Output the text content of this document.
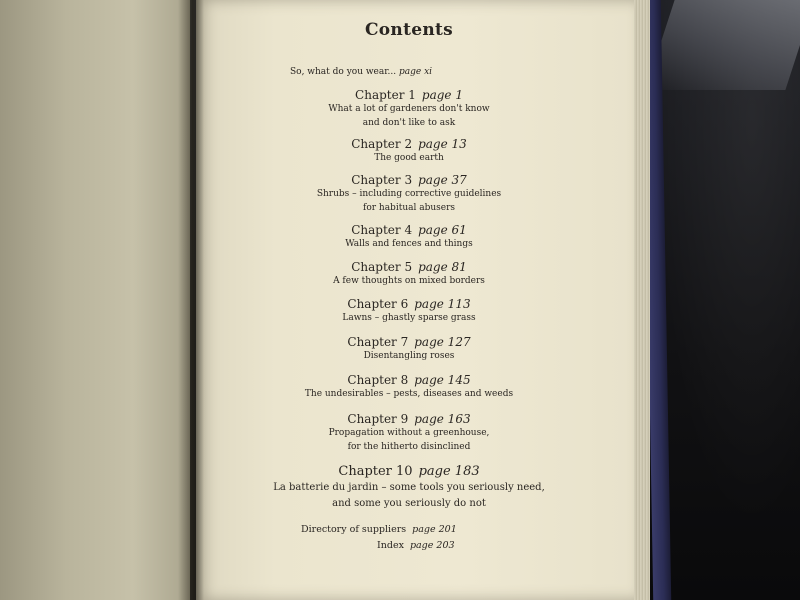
Contents
So, what do you wear... page xi
Chapter 1 page 1
What a lot of gardeners don't know
and don't like to ask
Chapter 2 page 13
The good earth
Chapter 3 page 37
Shrubs – including corrective guidelines
for habitual abusers
Chapter 4 page 61
Walls and fences and things
Chapter 5 page 81
A few thoughts on mixed borders
Chapter 6 page 113
Lawns – ghastly sparse grass
Chapter 7 page 127
Disentangling roses
Chapter 8 page 145
The undesirables – pests, diseases and weeds
Chapter 9 page 163
Propagation without a greenhouse,
for the hitherto disinclined
Chapter 10 page 183
La batterie du jardin – some tools you seriously need,
and some you seriously do not
Directory of suppliers page 201
Index page 203
